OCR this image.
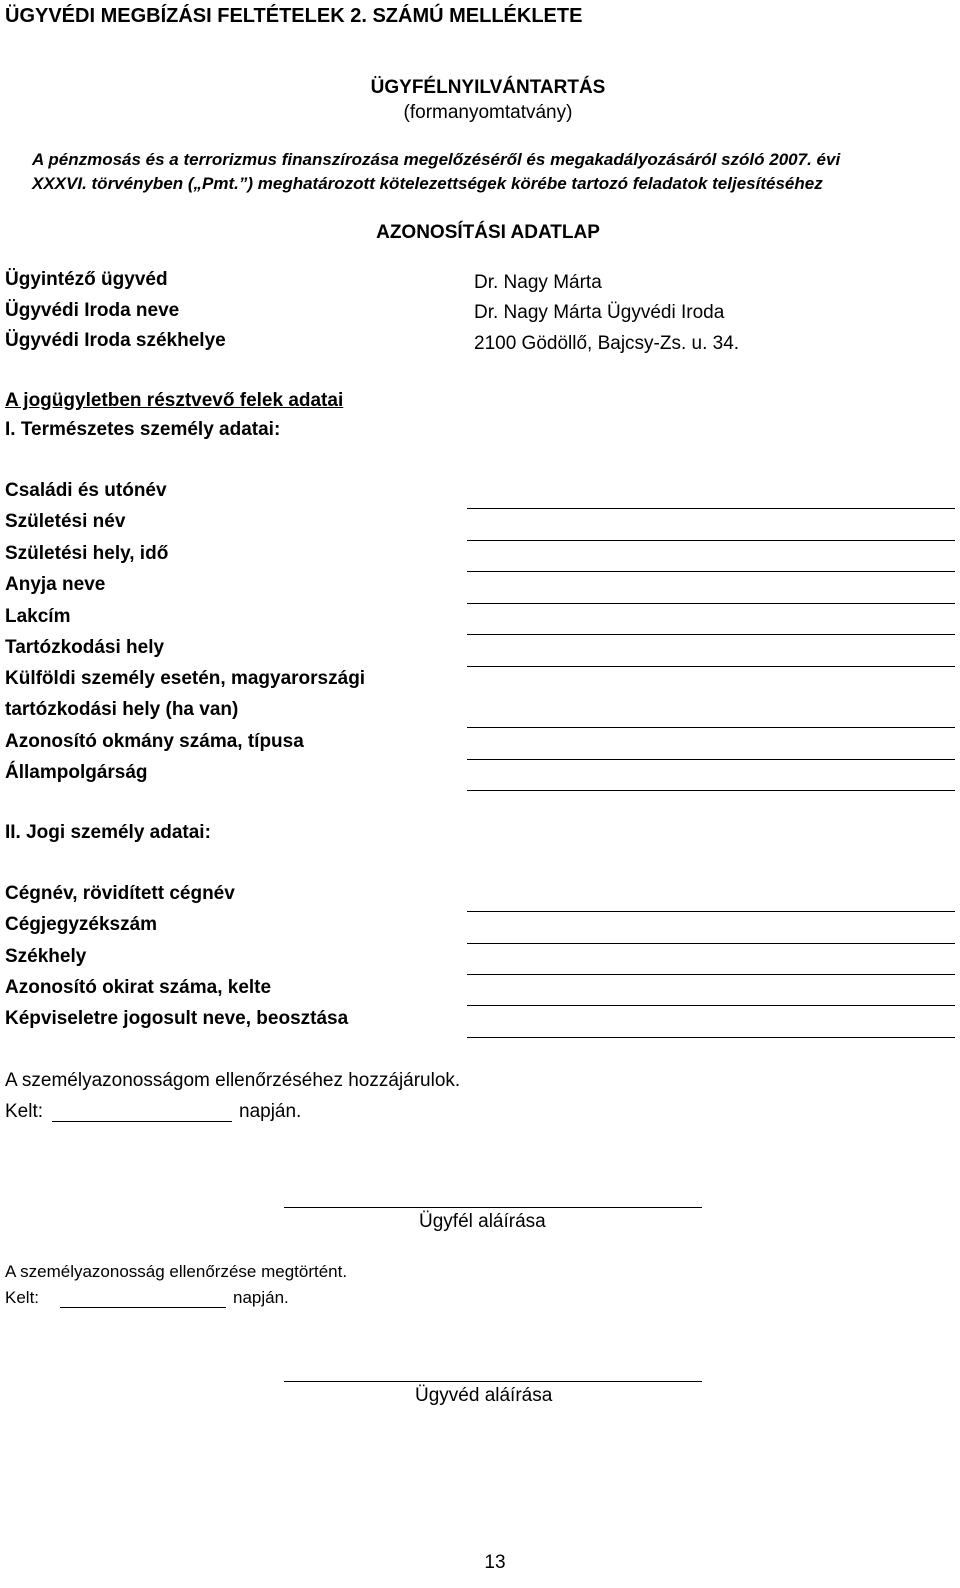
ÜGYVÉDI MEGBÍZÁSI FELTÉTELEK 2. SZÁMÚ MELLÉKLETE
ÜGYFÉLNYILVÁNTARTÁS
(formanyomtatvány)
A pénzmosás és a terrorizmus finanszírozása megelőzéséről és megakadályozásáról szóló 2007. évi
XXXVI. törvényben („Pmt.”) meghatározott kötelezettségek körébe tartozó feladatok teljesítéséhez
AZONOSÍTÁSI ADATLAP
Ügyintéző ügyvéd	Dr. Nagy Márta
Ügyvédi Iroda neve	Dr. Nagy Márta Ügyvédi Iroda
Ügyvédi Iroda székhelye	2100 Gödöllő, Bajcsy-Zs. u. 34.
A jogügyletben résztvevő felek adatai
I. Természetes személy adatai:
Családi és utónév
Születési név
Születési hely, idő
Anyja neve
Lakcím
Tartózkodási hely
Külföldi személy esetén, magyarországi
tartózkodási hely (ha van)
Azonosító okmány száma, típusa
Állampolgárság
II. Jogi személy adatai:
Cégnév, rövidített cégnév
Cégjegyzékszám
Székhely
Azonosító okirat száma, kelte
Képviseletre jogosult neve, beosztása
A személyazonosságom ellenőrzéséhez hozzájárulok.
Kelt:	napján.
Ügyfél aláírása
A személyazonosság ellenőrzése megtörtént.
Kelt:	napján.
Ügyvéd aláírása
13
